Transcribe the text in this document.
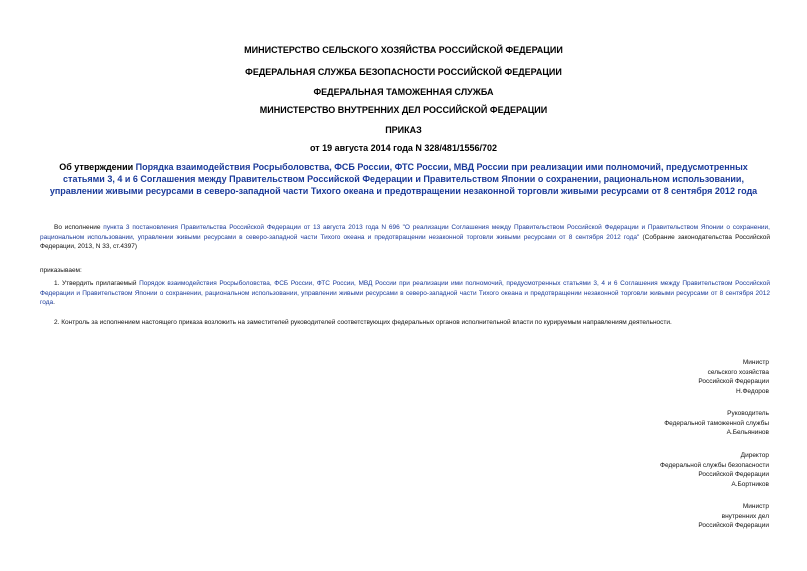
МИНИСТЕРСТВО СЕЛЬСКОГО ХОЗЯЙСТВА РОССИЙСКОЙ ФЕДЕРАЦИИ
ФЕДЕРАЛЬНАЯ СЛУЖБА БЕЗОПАСНОСТИ РОССИЙСКОЙ ФЕДЕРАЦИИ
ФЕДЕРАЛЬНАЯ ТАМОЖЕННАЯ СЛУЖБА
МИНИСТЕРСТВО ВНУТРЕННИХ ДЕЛ РОССИЙСКОЙ ФЕДЕРАЦИИ
ПРИКАЗ
от 19 августа 2014 года N 328/481/1556/702
Об утверждении Порядка взаимодействия Росрыболовства, ФСБ России, ФТС России, МВД России при реализации ими полномочий, предусмотренных статьями 3, 4 и 6 Соглашения между Правительством Российской Федерации и Правительством Японии о сохранении, рациональном использовании, управлении живыми ресурсами в северо-западной части Тихого океана и предотвращении незаконной торговли живыми ресурсами от 8 сентября 2012 года
Во исполнение пункта 3 постановления Правительства Российской Федерации от 13 августа 2013 года N 696 "О реализации Соглашения между Правительством Российской Федерации и Правительством Японии о сохранении, рациональном использовании, управлении живыми ресурсами в северо-западной части Тихого океана и предотвращении незаконной торговли живыми ресурсами от 8 сентября 2012 года" (Собрание законодательства Российской Федерации, 2013, N 33, ст.4397)
приказываем:
1. Утвердить прилагаемый Порядок взаимодействия Росрыболовства, ФСБ России, ФТС России, МВД России при реализации ими полномочий, предусмотренных статьями 3, 4 и 6 Соглашения между Правительством Российской Федерации и Правительством Японии о сохранении, рациональном использовании, управлении живыми ресурсами в северо-западной части Тихого океана и предотвращении незаконной торговли живыми ресурсами от 8 сентября 2012 года.
2. Контроль за исполнением настоящего приказа возложить на заместителей руководителей соответствующих федеральных органов исполнительной власти по курируемым направлениям деятельности.
Министр
сельского хозяйства
Российской Федерации
Н.Федоров
Руководитель
Федеральной таможенной службы
А.Бельянинов
Директор
Федеральной службы безопасности
Российской Федерации
А.Бортников
Министр
внутренних дел
Российской Федерации
